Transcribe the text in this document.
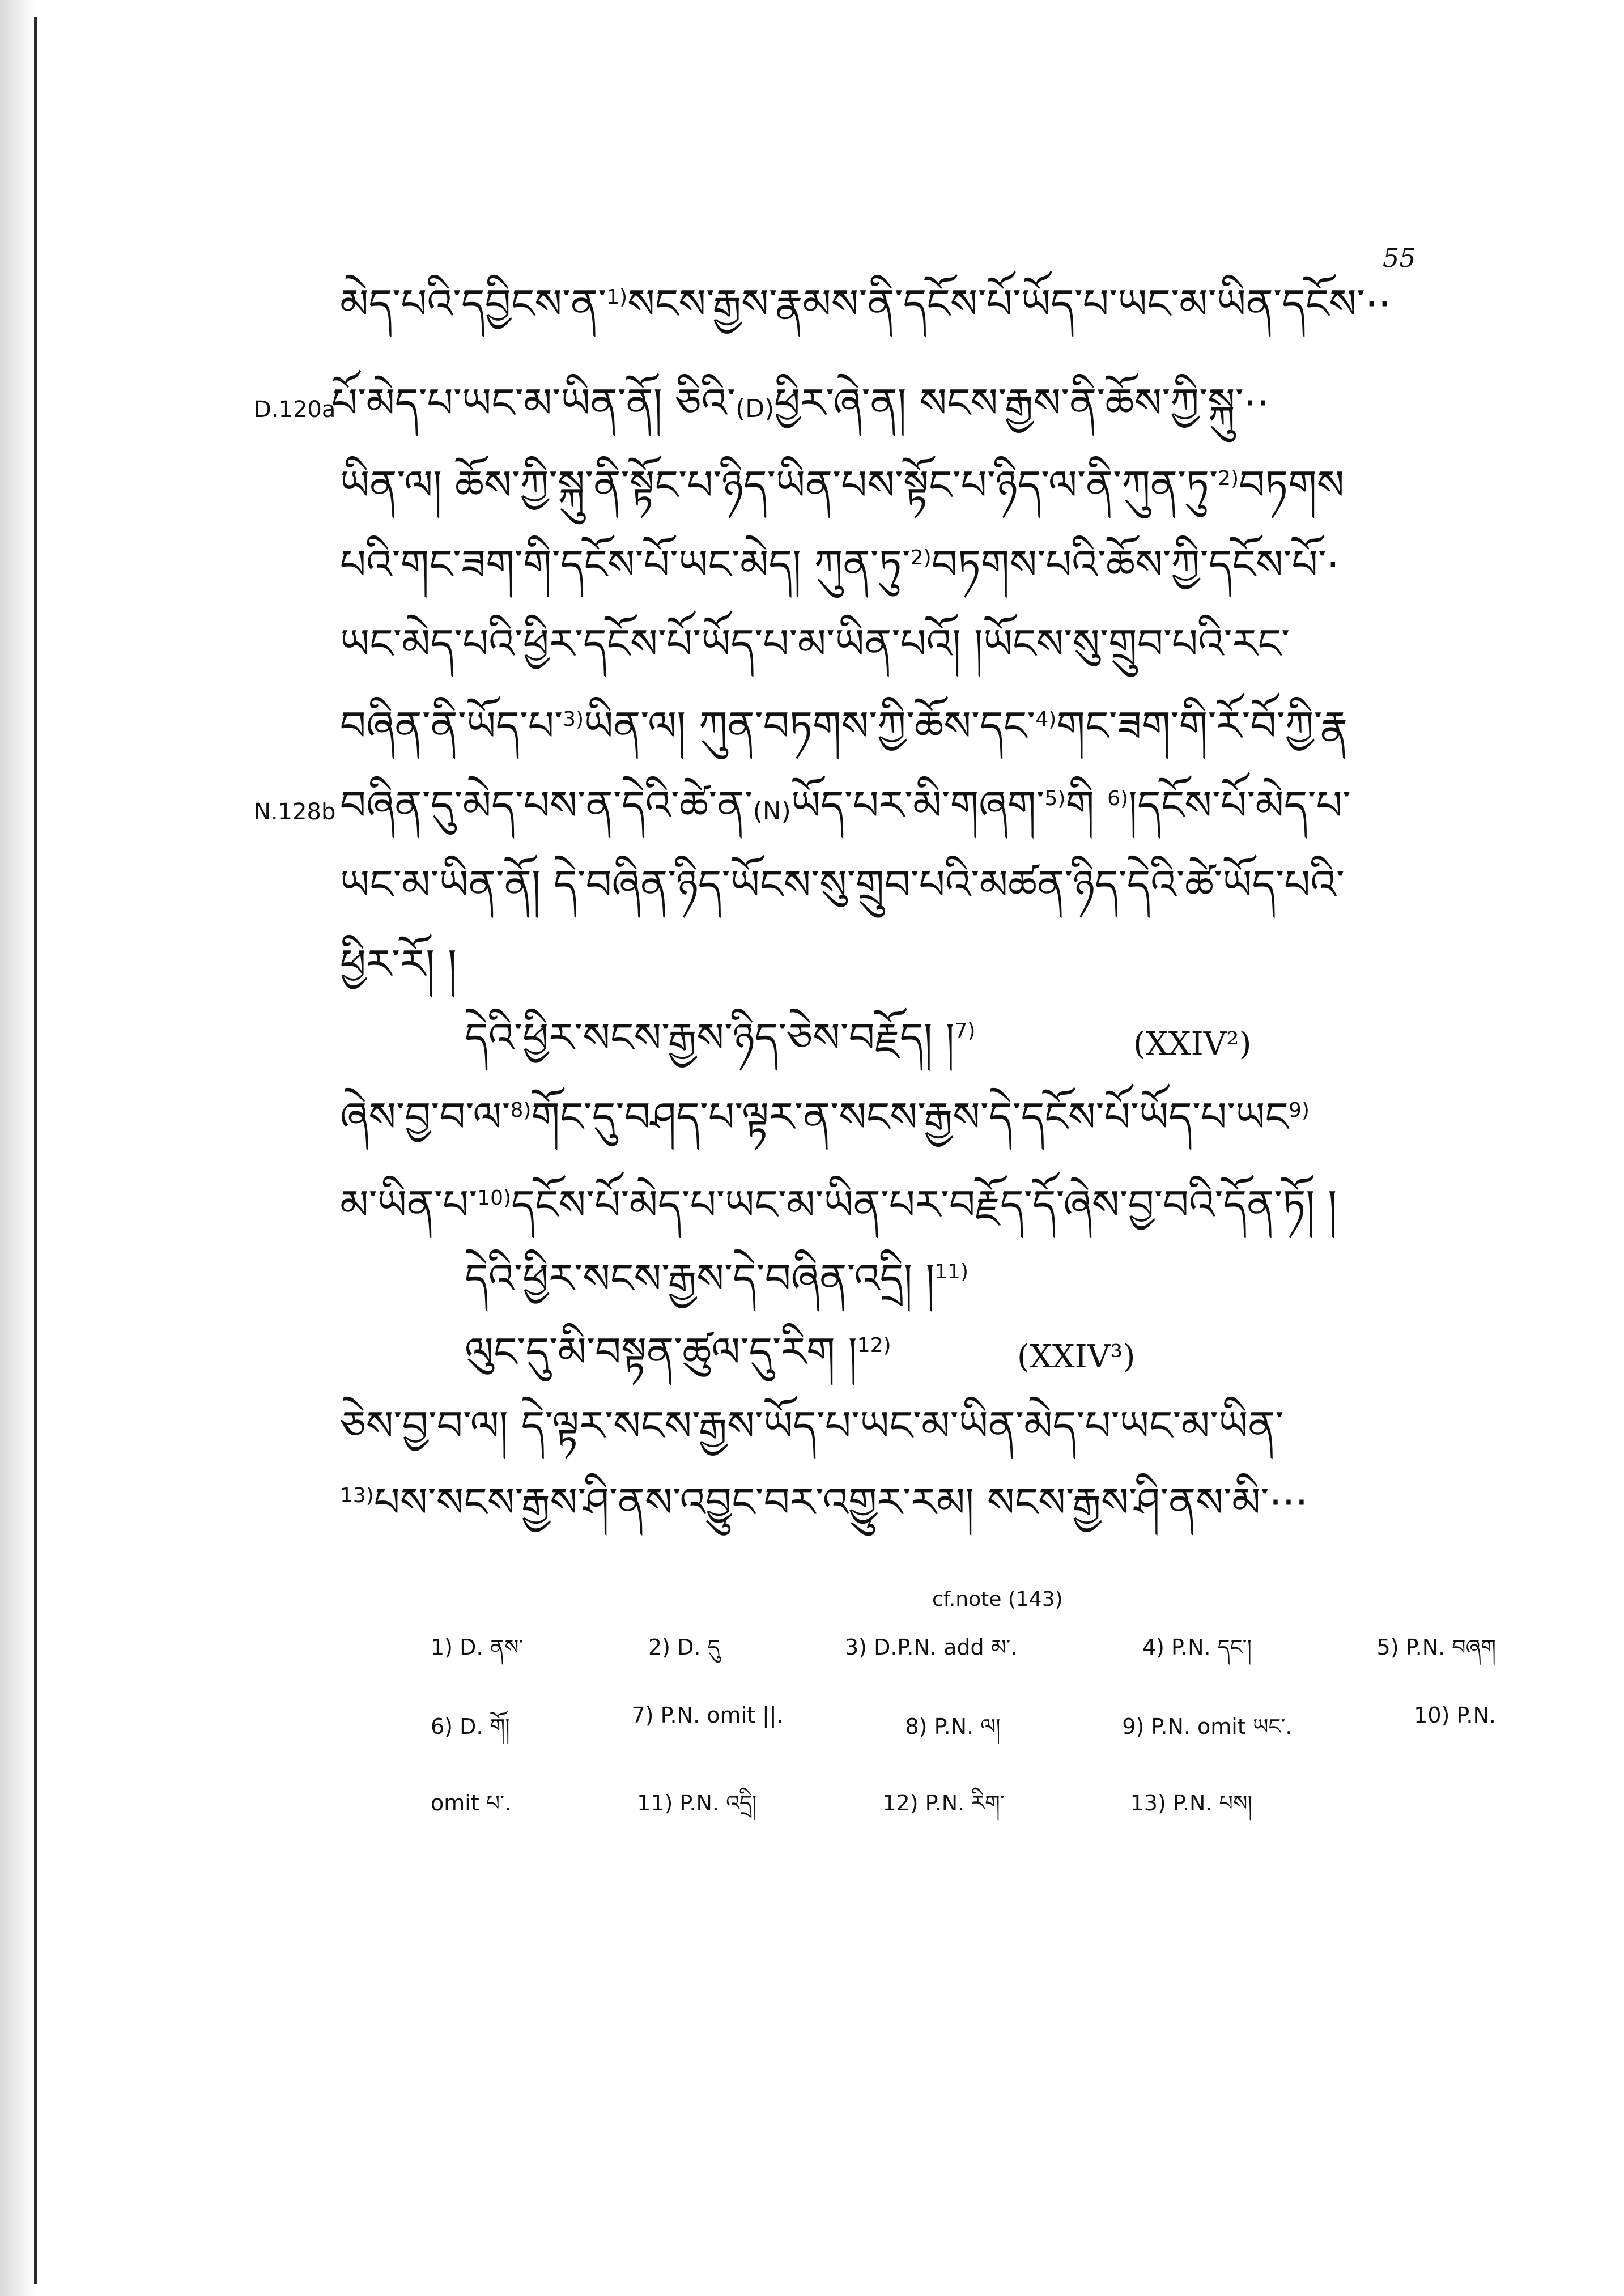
55
མེད་པའི་དབྱིངས་ན་$^{1)}$སངས་རྒྱས་རྣམས་ནི་དངོས་པོ་ཡོད་པ་ཡང་མ་ཡིན་དངོས་··
D.120a
པོ་མེད་པ་ཡང་མ་ཡིན་ནོ། ཅིའི་(D)ཕྱིར་ཞེ་ན། སངས་རྒྱས་ནི་ཆོས་ཀྱི་སྐུ་··
ཡིན་ལ། ཆོས་ཀྱི་སྐུ་ནི་སྟོང་པ་ཉིད་ཡིན་པས་སྟོང་པ་ཉིད་ལ་ནི་ཀུན་ཏུ་$^{2)}$བཏགས
པའི་གང་ཟག་གི་དངོས་པོ་ཡང་མེད། ཀུན་ཏུ་$^{2)}$བཏགས་པའི་ཆོས་ཀྱི་དངོས་པོ་·
ཡང་མེད་པའི་ཕྱིར་དངོས་པོ་ཡོད་པ་མ་ཡིན་པའོ། །ཡོངས་སུ་གྲུབ་པའི་རང་
བཞིན་ནི་ཡོད་པ་$^{3)}$ཡིན་ལ། ཀུན་བཏགས་ཀྱི་ཆོས་དང་$^{4)}$གང་ཟག་གི་རོ་བོ་ཀྱི་རྣ
N.128b བཞིན་དུ་མེད་པས་ན་དེའི་ཚེ་ན་(N)ཡོད་པར་མི་གཞག་$^{5)}$གི $^{6)}$།དངོས་པོ་མེད་པ་
ཡང་མ་ཡིན་ནོ། དེ་བཞིན་ཉིད་ཡོངས་སུ་གྲུབ་པའི་མཚན་ཉིད་དེའི་ཚེ་ཡོད་པའི་
ཕྱིར་རོ། །
དེའི་ཕྱིར་སངས་རྒྱས་ཉིད་ཅེས་བརྗོད། །$^{7)}$	(XXIV²)
ཞེས་བྱ་བ་ལ་$^{8)}$གོང་དུ་བཤད་པ་ལྟར་ན་སངས་རྒྱས་དེ་དངོས་པོ་ཡོད་པ་ཡང$^{9)}$
མ་ཡིན་པ་$^{10)}$དངོས་པོ་མེད་པ་ཡང་མ་ཡིན་པར་བརྗོད་དོ་ཞེས་བྱ་བའི་དོན་ཏོ། །
དེའི་ཕྱིར་སངས་རྒྱས་དེ་བཞིན་འདྲི། །$^{11)}$
ལུང་དུ་མི་བསྟན་ཚུལ་དུ་རིག །$^{12)}$	(XXIV³)
ཅེས་བྱ་བ་ལ། དེ་ལྟར་སངས་རྒྱས་ཡོད་པ་ཡང་མ་ཡིན་མེད་པ་ཡང་མ་ཡིན་
$^{13)}$པས་སངས་རྒྱས་ཤི་ནས་འབྱུང་བར་འགྱུར་རམ། སངས་རྒྱས་ཤི་ནས་མི་···
cf.note (143)
1) D. ནས་	2) D. དུ	3) D.P.N. add མ་.	4) P.N. དང་།	5) P.N. བཞག
6) D. གོ།	7) P.N. omit ||.	8) P.N. ལ།	9) P.N. omit ཡང་.	10) P.N.
omit པ་.	11) P.N. འདྲི།	12) P.N. རིག་	13) P.N. པས།
